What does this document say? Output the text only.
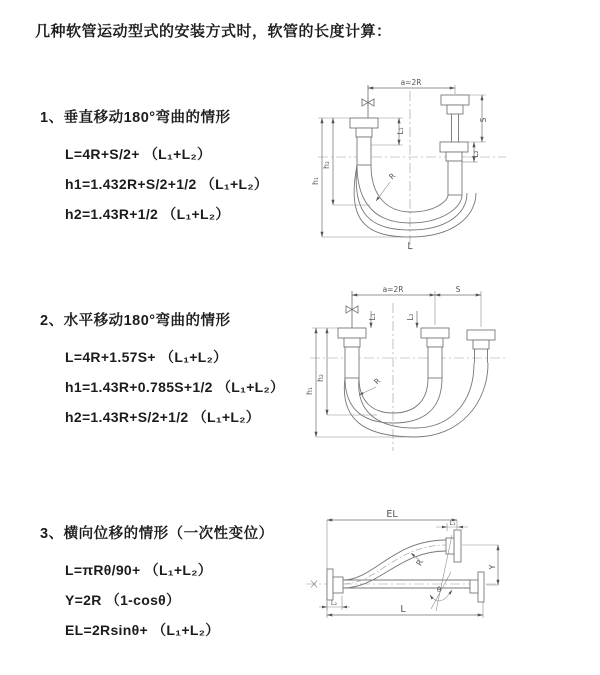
几种软管运动型式的安装方式时，软管的长度计算：
1、垂直移动180°弯曲的情形
L=4R+S/2+ （L₁+L₂）
h1=1.432R+S/2+1/2 （L₁+L₂）
h2=1.43R+1/2 （L₁+L₂）
a=2R
h₁
h₂
L₁
S
L₂
R
L
2、水平移动180°弯曲的情形
L=4R+1.57S+ （L₁+L₂）
h1=1.43R+0.785S+1/2 （L₁+L₂）
h2=1.43R+S/2+1/2 （L₁+L₂）
a=2R	S
h₁
h₂
L₁	L₂
R
3、横向位移的情形（一次性变位）
L=πRθ/90+ （L₁+L₂）
Y=2R （1-cosθ）
EL=2Rsinθ+ （L₁+L₂）
EL
L₁
Y
R
θ
L₂
L
